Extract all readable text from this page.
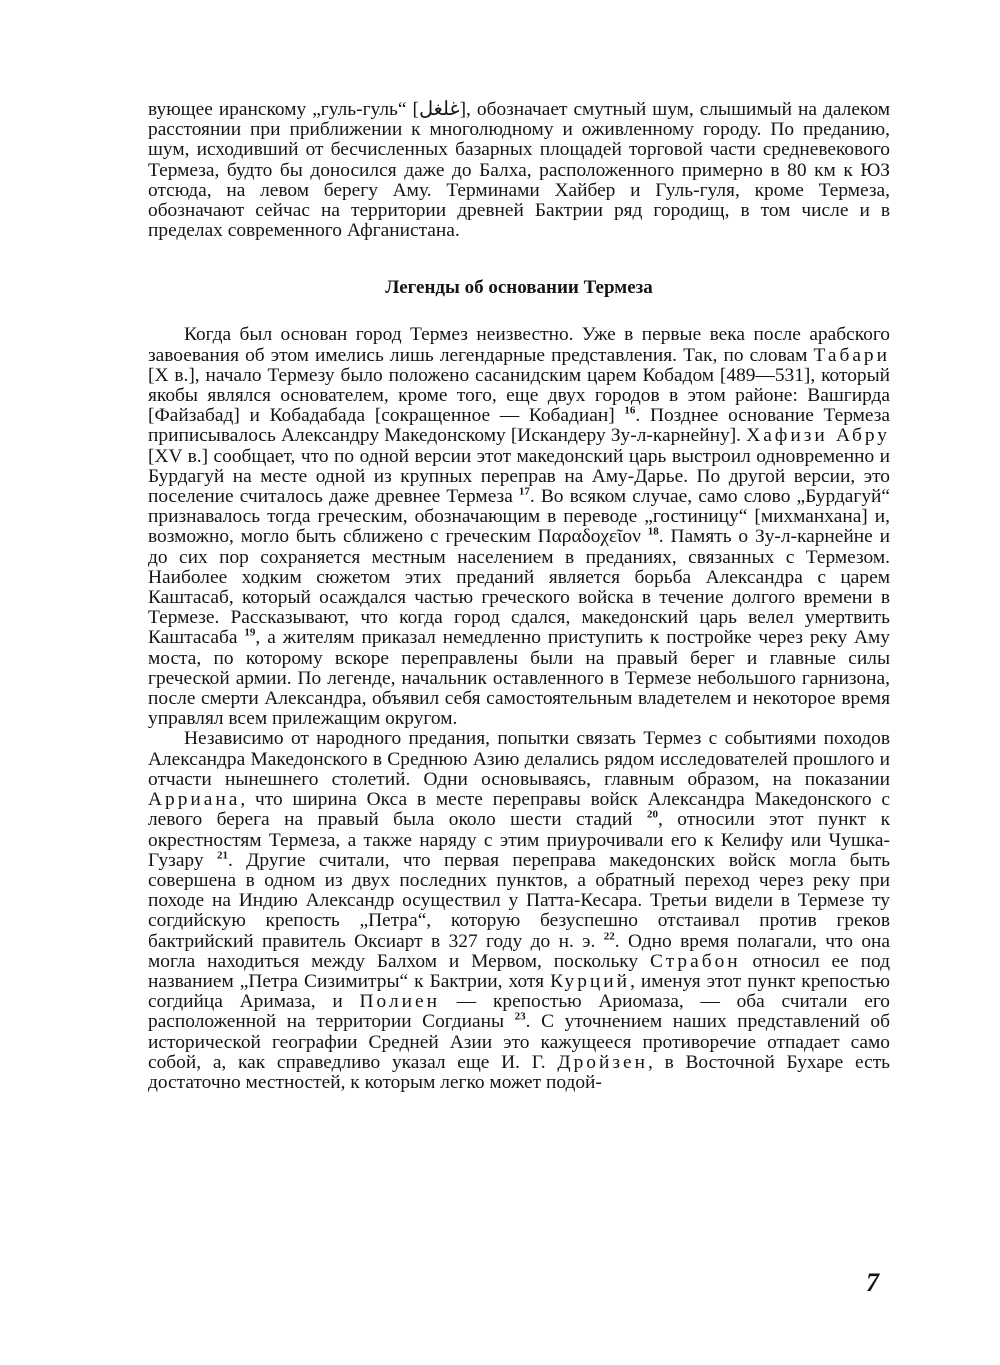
вующее иранскому „гуль-гуль“ [غلغل], обозначает смутный шум, слышимый на далеком расстоянии при приближении к многолюдному и оживленному городу. По преданию, шум, исходивший от бесчисленных базарных площадей торговой части средневекового Термеза, будто бы доносился даже до Балха, расположенного примерно в 80 км к ЮЗ отсюда, на левом берегу Аму. Терминами Хайбер и Гуль-гуля, кроме Термеза, обозначают сейчас на территории древней Бактрии ряд городищ, в том числе и в пределах современного Афганистана.

Легенды об основании Термеза

Когда был основан город Термез неизвестно. Уже в первые века после арабского завоевания об этом имелись лишь легендарные представления. Так, по словам Табари [X в.], начало Термезу было положено сасанидским царем Кобадом [489—531], который якобы являлся основателем, кроме того, еще двух городов в этом районе: Вашгирда [Файзабад] и Кобадабада [сокращенное — Кобадиан] $^{16}$. Позднее основание Термеза приписывалось Александру Македонскому [Искандеру Зу-л-карнейну]. Хафизи Абру [XV в.] сообщает, что по одной версии этот македонский царь выстроил одновременно и Бурдагуй на месте одной из крупных переправ на Аму-Дарье. По другой версии, это поселение считалось даже древнее Термеза $^{17}$. Во всяком случае, само слово „Бурдагуй“ признавалось тогда греческим, обозначающим в переводе „гостиницу“ [михманхана] и, возможно, могло быть сближено с греческим Παραδοχεῖον $^{18}$. Память о Зу-л-карнейне и до сих пор сохраняется местным населением в преданиях, связанных с Термезом. Наиболее ходким сюжетом этих преданий является борьба Александра с царем Каштасаб, который осаждался частью греческого войска в течение долгого времени в Термезе. Рассказывают, что когда город сдался, македонский царь велел умертвить Каштасаба $^{19}$, а жителям приказал немедленно приступить к постройке через реку Аму моста, по которому вскоре переправлены были на правый берег и главные силы греческой армии. По легенде, начальник оставленного в Термезе небольшого гарнизона, после смерти Александра, объявил себя самостоятельным владетелем и некоторое время управлял всем прилежащим округом.

Независимо от народного предания, попытки связать Термез с событиями походов Александра Македонского в Среднюю Азию делались рядом исследователей прошлого и отчасти нынешнего столетий. Одни основываясь, главным образом, на показании Арриана, что ширина Окса в месте переправы войск Александра Македонского с левого берега на правый была около шести стадий $^{20}$, относили этот пункт к окрестностям Термеза, а также наряду с этим приурочивали его к Келифу или Чушка-Гузару $^{21}$. Другие считали, что первая переправа македонских войск могла быть совершена в одном из двух последних пунктов, а обратный переход через реку при походе на Индию Александр осуществил у Патта-Кесара. Третьи видели в Термезе ту согдийскую крепость „Петра“, которую безуспешно отстаивал против греков бактрийский правитель Оксиарт в 327 году до н. э. $^{22}$. Одно время полагали, что она могла находиться между Балхом и Мервом, поскольку Страбон относил ее под названием „Петра Сизимитры“ к Бактрии, хотя Курций, именуя этот пункт крепостью согдийца Аримаза, и Полиен — крепостью Ариомаза, — оба считали его расположенной на территории Согдианы $^{23}$. С уточнением наших представлений об исторической географии Средней Азии это кажущееся противоречие отпадает само собой, а, как справедливо указал еще И. Г. Дройзен, в Восточной Бухаре есть достаточно местностей, к которым легко может подой-

7
